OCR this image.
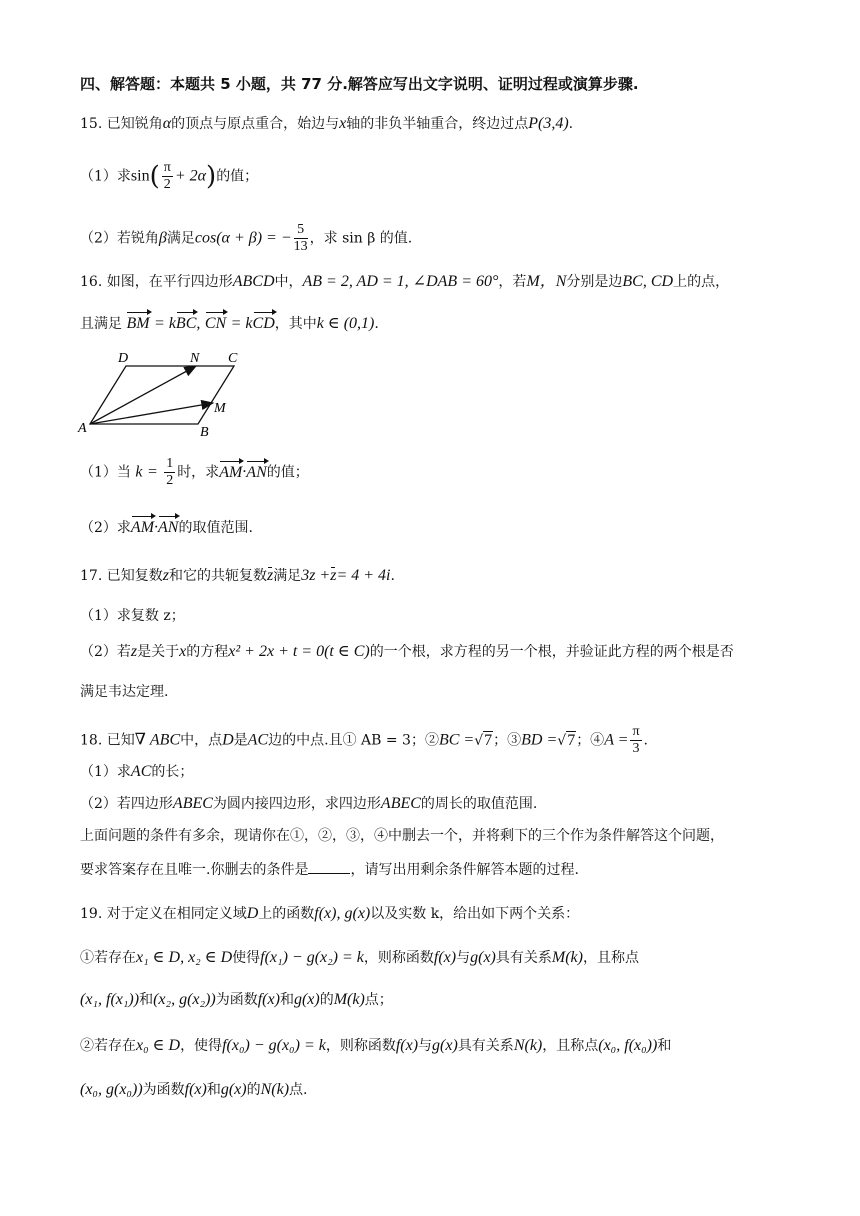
四、解答题：本题共 5 小题，共 77 分.解答应写出文字说明、证明过程或演算步骤.
15. 已知锐角α的顶点与原点重合，始边与x轴的非负半轴重合，终边过点P(3,4).
（1）求$\sin( \frac{\pi}{2} + 2\alpha)$的值；
（2）若锐角β满足cos(α + β) = − $\frac{5}{13}$ ，求 sin β 的值.
16. 如图，在平行四边形ABCD中，AB = 2, AD = 1, ∠DAB = 60°，若M，N分别是边BC, CD上的点，
且满足 BM = kBC, CN = kCD，其中k ∈ (0,1).
D	N C
M
A	B
（1）当 $k = \frac{1}{2}$ 时，求AM·AN的值；
（2）求AM·AN的取值范围.
17. 已知复数z和它的共轭复数z满足3z +z= 4 + 4i.
（1）求复数 z；
（2）若z是关于x的方程x² + 2x + t = 0(t ∈ C)的一个根，求方程的另一个根，并验证此方程的两个根是否
满足韦达定理.
18. 已知∇ ABC中，点D是AC边的中点.且① AB = 3；②BC =√7；③BD =√7；④A = $\frac{\pi}{3}$ .
（1）求AC的长；
（2）若四边形ABEC为圆内接四边形，求四边形ABEC的周长的取值范围.
上面问题的条件有多余，现请你在①，②，③，④中删去一个，并将剩下的三个作为条件解答这个问题，
要求答案存在且唯一.你删去的条件是	，请写出用剩余条件解答本题的过程.
19. 对于定义在相同定义域D上的函数f(x), g(x)以及实数 k，给出如下两个关系：
①若存在x₁ ∈ D, x₂ ∈ D使得f(x₁) − g(x₂) = k，则称函数f(x)与g(x)具有关系M(k)，且称点
(x₁, f(x₁))和(x₂, g(x₂))为函数f(x)和g(x)的M(k)点；
②若存在x₀ ∈ D，使得f(x₀) − g(x₀) = k，则称函数f(x)与g(x)具有关系N(k)，且称点(x₀, f(x₀))和
(x₀, g(x₀))为函数f(x)和g(x)的N(k)点.
